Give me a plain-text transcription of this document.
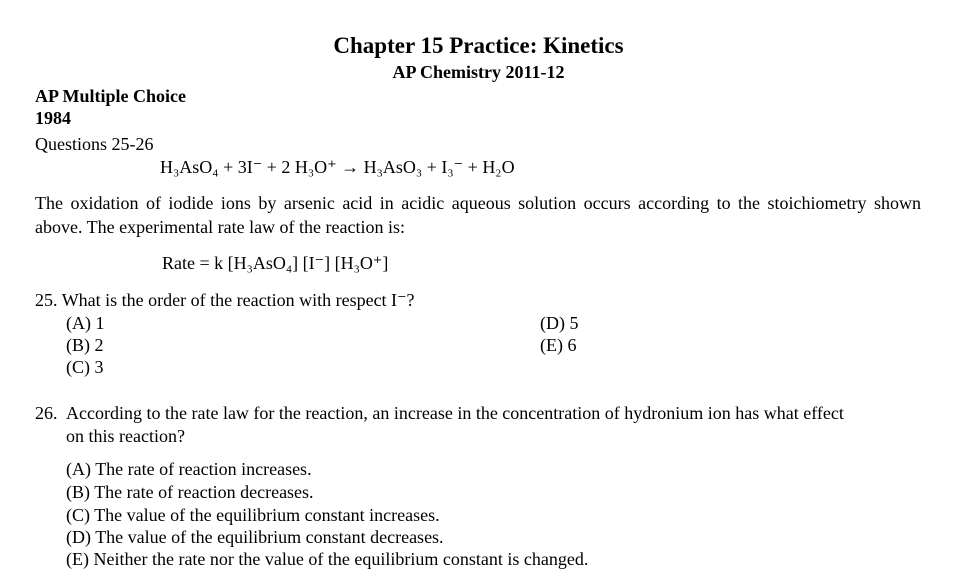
Chapter 15 Practice: Kinetics
AP Chemistry 2011-12
AP Multiple Choice
1984
Questions 25-26
H₃AsO₄ + 3I⁻ + 2 H₃O⁺ → H₃AsO₃ + I₃⁻ + H₂O
The oxidation of iodide ions by arsenic acid in acidic aqueous solution occurs according to the stoichiometry shown above. The experimental rate law of the reaction is:
Rate = k [H₃AsO₄] [I⁻] [H₃O⁺]
25. What is the order of the reaction with respect I⁻?
(A) 1
(B) 2
(C) 3
(D) 5
(E) 6
26. According to the rate law for the reaction, an increase in the concentration of hydronium ion has what effect
on this reaction?
(A) The rate of reaction increases.
(B) The rate of reaction decreases.
(C) The value of the equilibrium constant increases.
(D) The value of the equilibrium constant decreases.
(E) Neither the rate nor the value of the equilibrium constant is changed.
